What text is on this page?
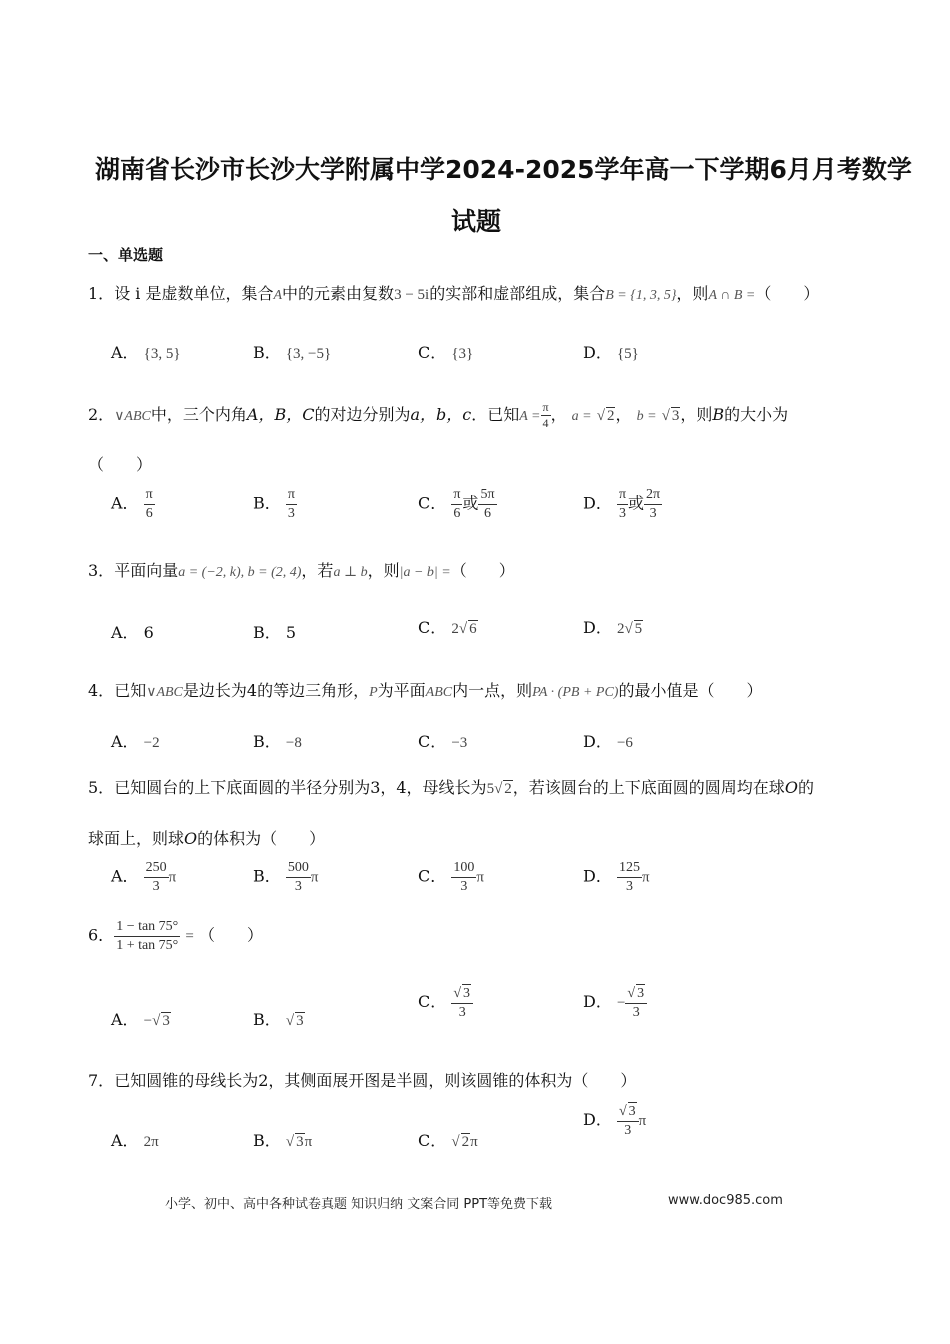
湖南省长沙市长沙大学附属中学2024-2025学年高一下学期6月月考数学
试题
一、单选题
1．设 i 是虚数单位，集合A中的元素由复数3 − 5i的实部和虚部组成，集合B = {1, 3, 5}，则A ∩ B =（　　）
A． {3, 5}	B． {3, −5}	C． {3}	D． {5}
2．∨ABC中，三个内角A，B，C的对边分别为a，b，c．已知$A = \frac{\pi}{4}$ ， a = √ 2， b = √ 3，则B的大小为
（　　）
A． $\frac{\pi}{6}$	B． $\frac{\pi}{3}$	C． $\frac{\pi}{6}$ 或 $\frac{5\pi}{6}$	D． $\frac{\pi}{3}$ 或 $\frac{2\pi}{3}$
3．平面向量a = (−2, k), b = (2, 4)，若a ⊥ b，则|a − b| =（　　）
A． 6	B． 5	C． 2√ 6	D． 2√ 5
4．已知∨ABC是边长为4的等边三角形，P为平面ABC内一点，则PA · (PB + PC)的最小值是（　　）
A． −2	B． −8	C． −3	D． −6
5．已知圆台的上下底面圆的半径分别为3，4，母线长为5√ 2，若该圆台的上下底面圆的圆周均在球O的
球面上，则球O的体积为（　　）
A． $\frac{250}{3}$ π	B． $\frac{500}{3}$ π	C． $\frac{100}{3}$ π	D． $\frac{125}{3}$ π
6． $\frac{1 - \tan 75^\circ}{1 + \tan 75^\circ}$ = （　　）
A． −√ 3	B． √ 3
C． $\frac{√ 3}{3}$	D． − $\frac{√ 3}{3}$
7．已知圆锥的母线长为2，其侧面展开图是半圆，则该圆锥的体积为（　　）
A． 2π	B． √ 3π	C． √ 2π
D． $\frac{√ 3}{3}$ π
小学、初中、高中各种试卷真题 知识归纳 文案合同 PPT等免费下载	www.doc985.com
